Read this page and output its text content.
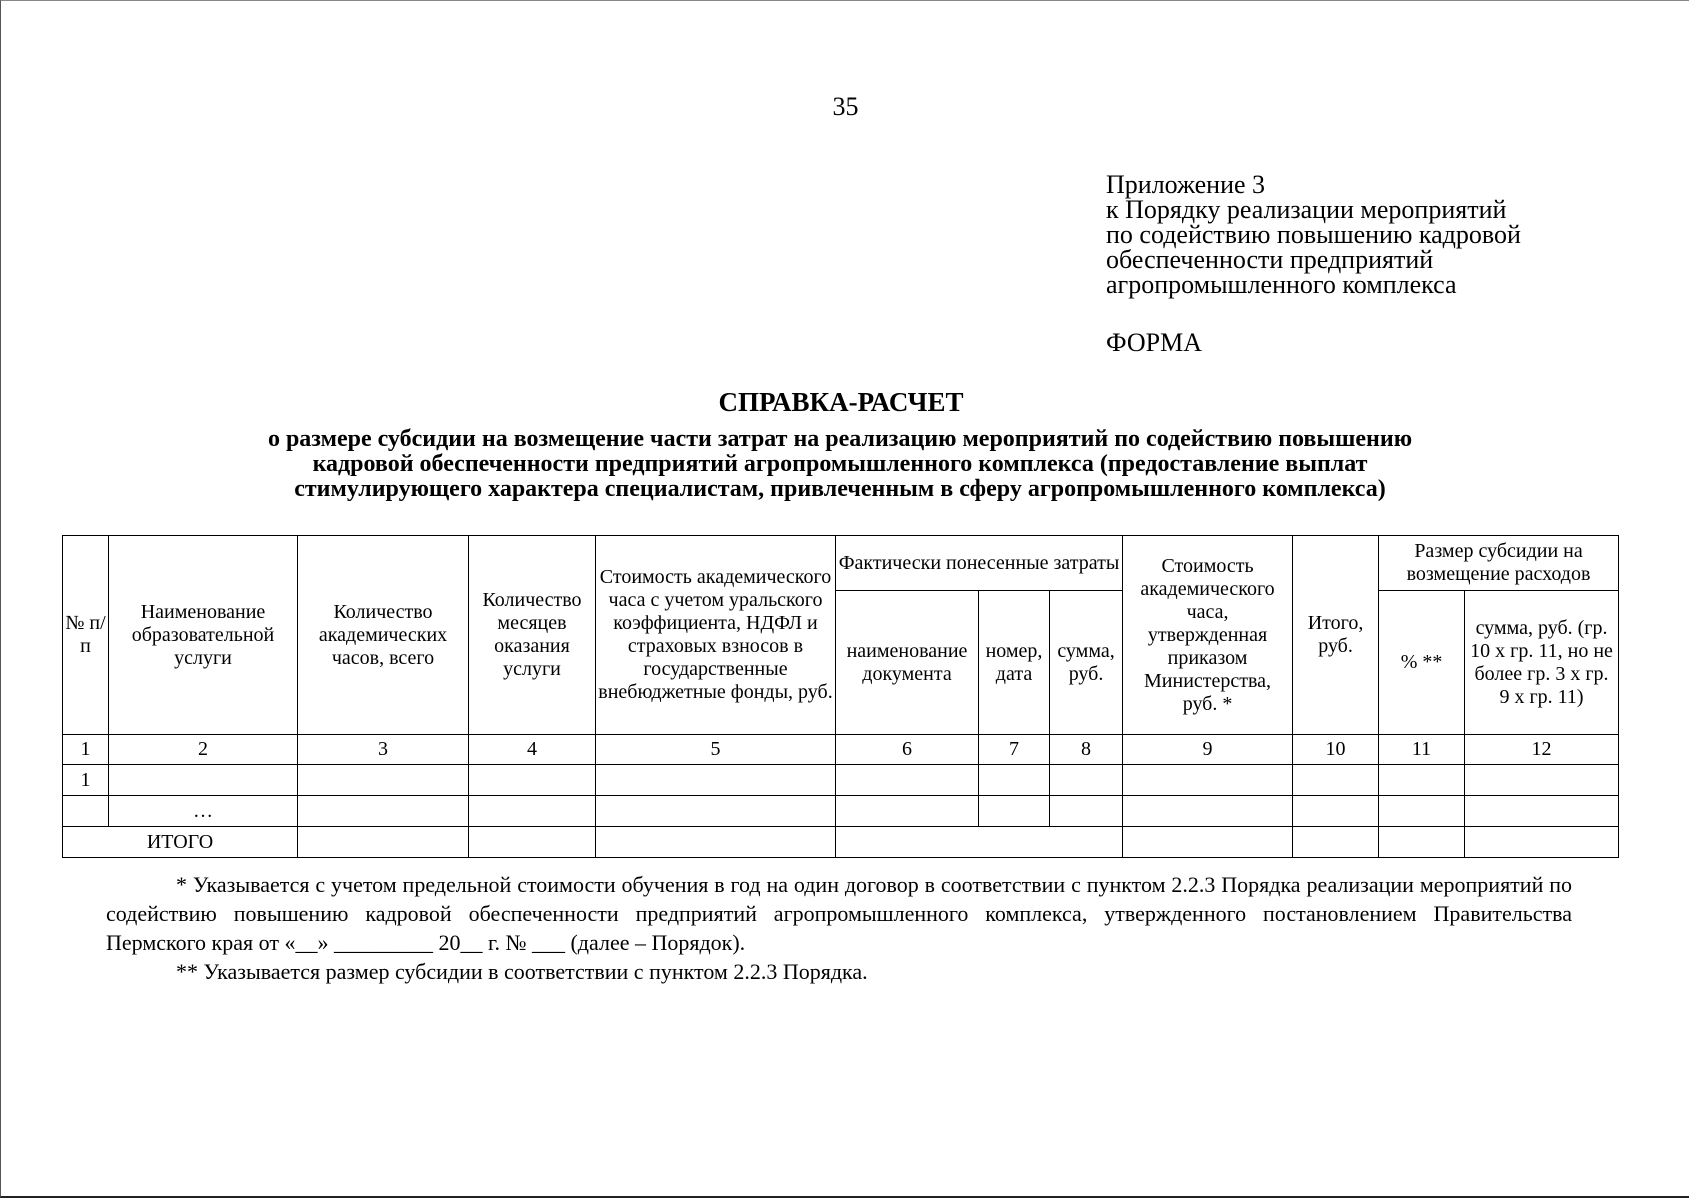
35
Приложение 3
к Порядку реализации мероприятий
по содействию повышению кадровой
обеспеченности предприятий
агропромышленного комплекса
ФОРМА
СПРАВКА-РАСЧЕТ
о размере субсидии на возмещение части затрат на реализацию мероприятий по содействию повышению
кадровой обеспеченности предприятий агропромышленного комплекса (предоставление выплат
стимулирующего характера специалистам, привлеченным в сферу агропромышленного комплекса)
№ п/п	Наименование образовательной услуги	Количество академических часов, всего	Количество месяцев оказания услуги	Стоимость академического часа с учетом уральского коэффициента, НДФЛ и страховых взносов в государственные внебюджетные фонды, руб.	Фактически понесенные затраты			Стоимость академического часа, утвержденная приказом Министерства, руб. *	Итого, руб.	Размер субсидии на возмещение расходов	
					наименование документа	номер, дата	сумма, руб.			% **	сумма, руб. (гр. 10 х гр. 11, но не более гр. 3 х гр. 9 х гр. 11)
1	2	3	4	5	6	7	8	9	10	11	12
1											
	…										
ИТОГО											

* Указывается с учетом предельной стоимости обучения в год на один договор в соответствии с пунктом 2.2.3 Порядка реализации мероприятий по содействию повышению кадровой обеспеченности предприятий агропромышленного комплекса, утвержденного постановлением Правительства Пермского края от «__» _________ 20__ г. № ___ (далее – Порядок).

** Указывается размер субсидии в соответствии с пунктом 2.2.3 Порядка.
